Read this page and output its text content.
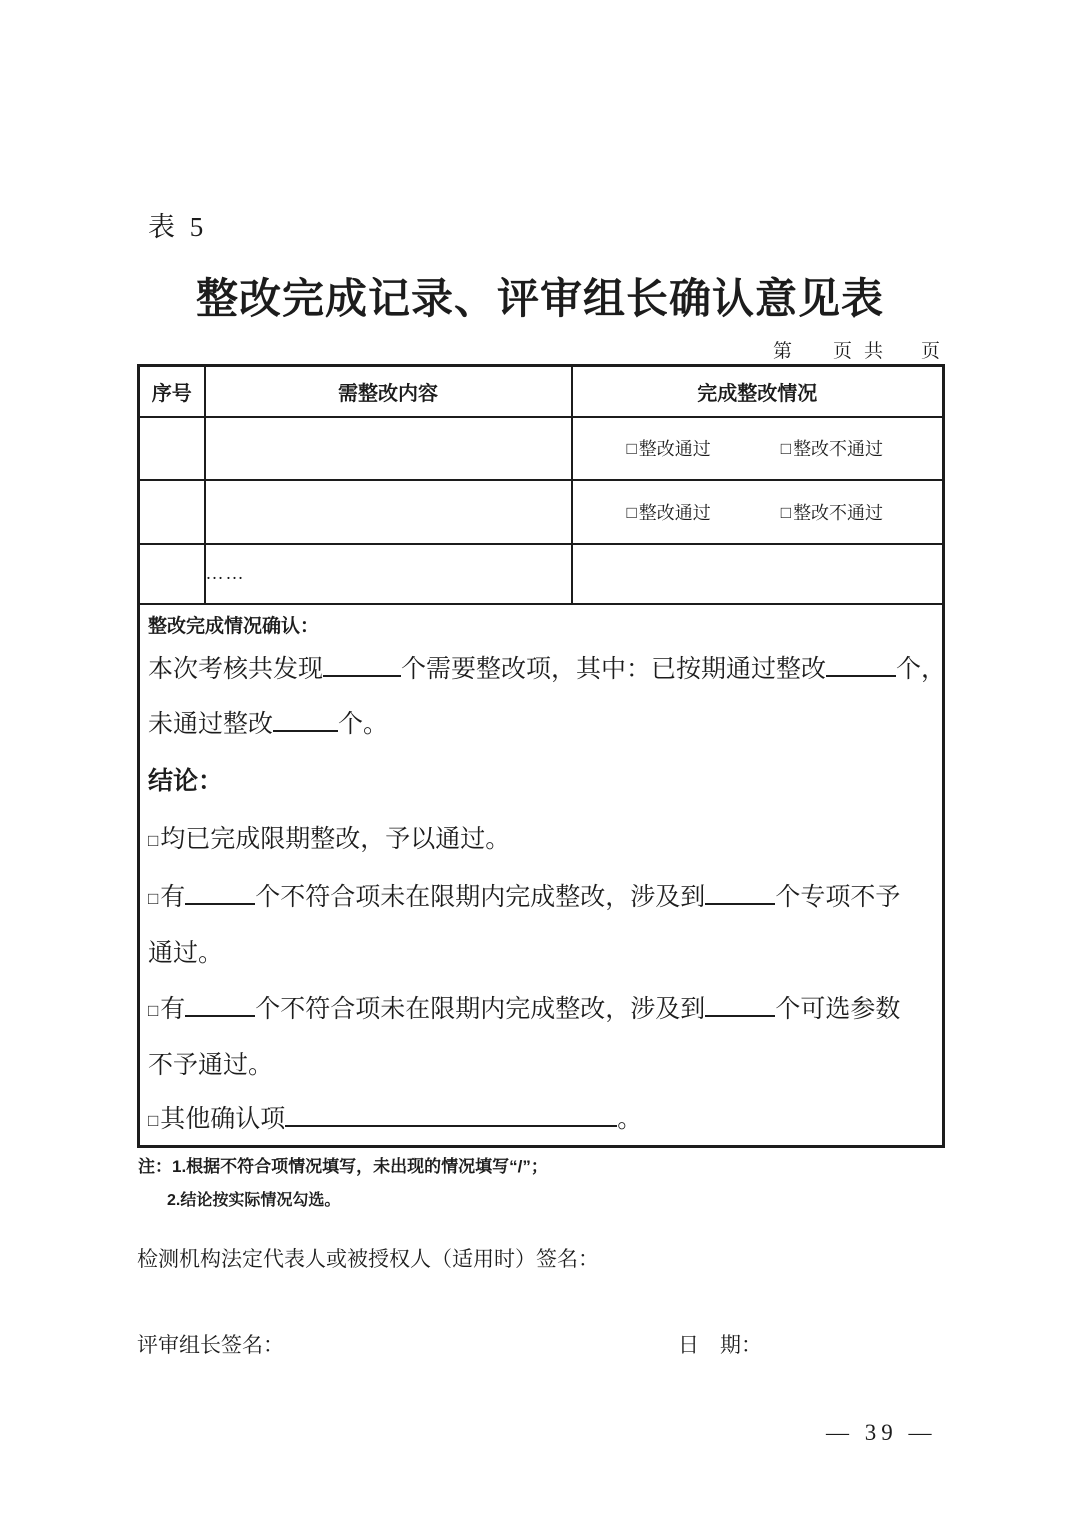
表 5
整改完成记录、评审组长确认意见表
第 页 共 页
序号	需整改内容	完成整改情况

		□ 整改通过 □ 整改不通过

		□ 整改通过 □ 整改不通过

	……	

整改完成情况确认：
本次考核共发现	个需要整改项，其中：已按期通过整改	个，
未通过整改	个。
结论：
□均已完成限期整改，予以通过。
□有	个不符合项未在限期内完成整改，涉及到	个专项不予
通过。
□有	个不符合项未在限期内完成整改，涉及到	个可选参数
不予通过。
□其他确认项	。
注：1.根据不符合项情况填写，未出现的情况填写“/”；
2.结论按实际情况勾选。
检测机构法定代表人或被授权人（适用时）签名：
评审组长签名：	日　期：
— 39 —
